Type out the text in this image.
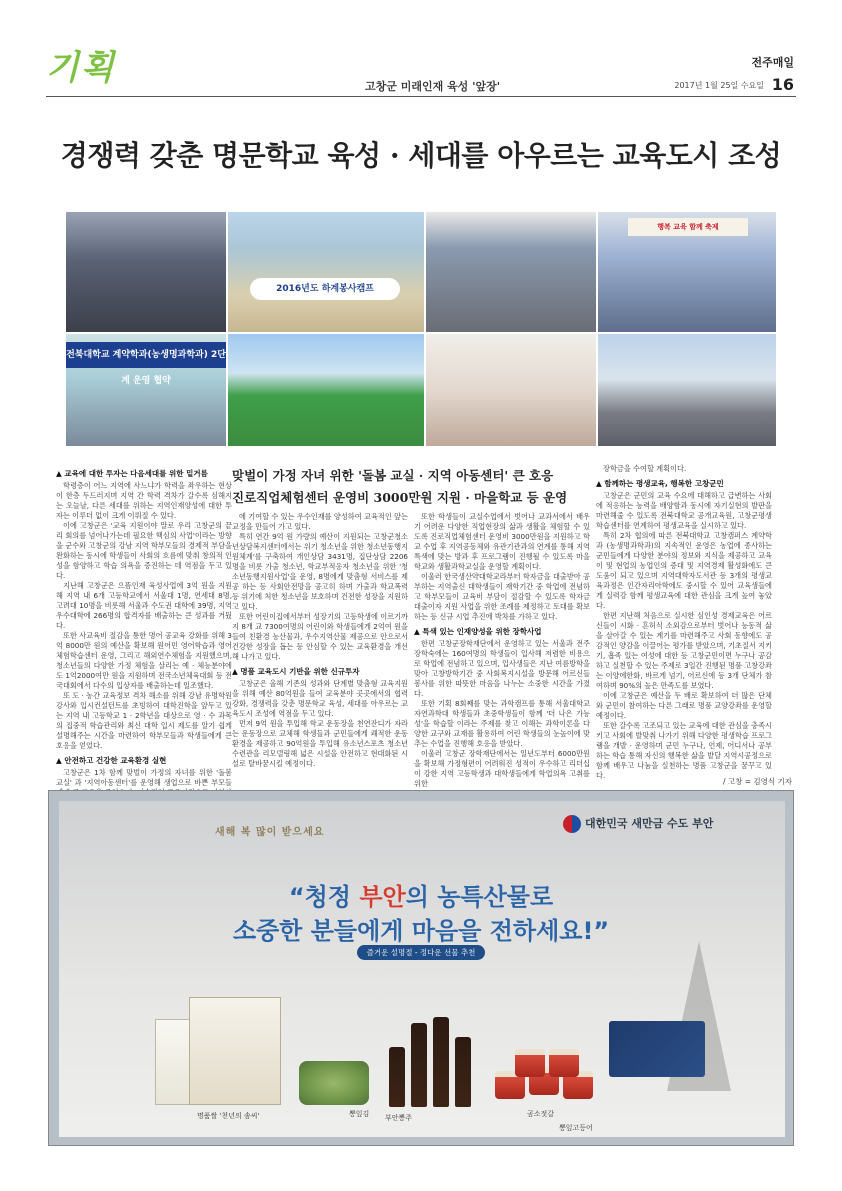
기획	고창군 미래인재 육성 '앞장'
전주매일
2017년 1월 25일 수요일 16
경쟁력 갖춘 명문학교 육성 · 세대를 아우르는 교육도시 조성
2016년도 하계봉사캠프
행복 교육 함께 축제
전북대학교 계약학과(농생명과학과) 2단계 운영 협약
맞벌이 가정 자녀 위한 '돌봄 교실 · 지역 아동센터' 큰 호응
진로직업체험센터 운영비 3000만원 지원 · 마을학교 등 운영
▲ 교육에 대한 투자는 다음세대를 위한 밑거름

학령층이 어느 지역에 사느냐가 학력을 좌우하는 현상이 한층 두드러지며 지역 간 학력 격차가 갈수록 심해지는 오늘날, 다른 세대를 위하는 지역인재양성에 대한 투자는 이루더 없이 크게 이뤄질 수 있다.

이에 고창군은 '교육 지원이야 말로 우리 고창군의 끝리 회의를 넘어나가는데 필요한 핵심의 사업'이라는 방향을 군수와 고창군의 강남 지역 학부모들의 경제적 부담을 완화하는 동시에 학생들이 사회의 흐름에 맞춰 창의적 인성을 함양하고 학습 의욕을 증진하는 데 역점을 두고 있다.

지난해 고창군은 으뜸인재 육성사업에 3억 원을 지원해 지역 내 6개 고등학교에서 서울대 1명, 연세대 8명, 고려대 10명을 비롯해 서울과 수도권 대학에 39명, 지역우수대학에 266명의 합격자를 배출하는 큰 성과를 거뒀다.

또한 사교육비 절감을 통한 명어 공교육 강화를 위해 3억 8000만 원의 예산을 확보해 원어민 영어학습과 영어체험학습센터 운영, 그리고 해외연수체험을 지원했으며, 청소년들의 다양한 가정 체험을 살리는 예 · 체능분야에도 1억2000여만 원을 지원하며 전국소년체육대회 등 전국대회에서 다수의 입상자를 배출하는데 일조했다.

또 도 · 농간 교육정보 격차 해소를 위해 강남 유명학원 강사와 입시컨설턴트를 초빙하여 대학진학을 앞두고 있는 지역 내 고등학교 1 · 2학년을 대상으로 영 · 수 과목의 집중적 학습관리와 최신 대학 입시 제도를 알기 쉽게 설명해주는 시간을 마련하여 학부모들과 학생들에게 큰 호응을 얻었다.

▲ 안전하고 건강한 교육환경 실현

고창군은 1차 함께 맞벌이 가정의 자녀를 위한 '돌봄 교실' 과 '지역아동센터'를 운영해 생업으로 바쁜 부모들

에 기여할 수 있는 우수인재를 양성하여 교육적인 앞는 교정을 만들어 가고 있다.

특히 연간 9억 원 가량의 예산이 지원되는 고창군청소년상담복지센터에서는 위기 청소년을 위한 청소년동행지원체계'를 구축하여 개인상담 3431명, 집단상담 2206명을 비롯 가출 청소년, 학교부적응자 청소년을 위한 '청소년동행지원사업'을 운영, 8명에게 맞춤형 서비스를 제공 하는 등 사회안전망을 공고히 하며 가출과 학교폭력 등 위기에 처한 청소년을 보호하며 건전한 성장을 지원하고 있다.

또한 어린이집에서부터 성장기의 고등학생에 이르기까지 8개 교 7300여명의 어린이와 학생들에게 2억여 원을 들여 친환경 농산물과, 우수지역산물 제공으로 안으로서 건강한 성장을 돕는 등 안심할 수 있는 교육환경을 개선해 나가고 있다.

▲ 명품 교육도시 기반을 위한 신규투자

고창군은 올해 기존의 성과와 단계별 맞춤형 교육지원을 위해 예산 80억원을 들여 교육분야 곳곳에서의 협력 강화, 경쟁력을 갖춘 명문학교 육성, 세대를 아우르는 교육도시 조성에 역점을 두고 있다.

먼저 9억 원을 투입해 학교 운동장을 천연잔디가 자라는 운동장으로 교체해 학생들과 군민들에게 쾌적한 운동 환경을 제공하고 90억원을 투입해 유소년스포츠 청소년수련관을 리모델링해 넓은 시설을 안전하고 현대화된 시설로 탈바꿈시킬 예정이다.

또한 학생들이 교실수업에서 벗어나 교과서에서 배우기 어려운 다양한 직업현장의 삶과 생활을 체험할 수 있도록 진로직업체험센터 운영비 3000만원을 지원하고 학교 수업 후 지역공동체와 유관기관과의 연계를 통해 지역 특색에 맞는 방과 후 프로그램이 진행될 수 있도록 마을학교와 생활과학교실을 운영할 계획이다.

이울러 한국생산약대학교라부터 학자금을 대출받아 공부하는 지역출신 대학생들이 재학기간 중 학업에 전념하고 학부모들이 교육비 부담이 절감할 수 있도록 학자금 대출이자 지원 사업을 위한 조례를 제정하고 토대를 확보하는 등 신규 시업 추진에 박차를 가하고 있다.

▲ 특색 있는 인재양성을 위한 장학사업

한편 고창군장학재단에서 운영하고 있는 서울과 전주 장학숙에는 160여명의 학생들이 입사해 저렴한 비용으로 학업에 전념하고 있으며, 입사생들은 지난 여름방학을 맞아 고창방학기간 중 사회복지시설을 방문해 어르신들 봉사를 위한 따뜻한 마음을 나누는 소중한 시간을 가졌다.

또한 기획 8회째를 맞는 과학캠프를 통해 서울대학교 자연과학대 학생들과 초중학생들이 함께 '더 나은 가능성'을 학습할 이라는 주제를 찾고 이해는 과학이론을 다양한 교구와 교재를 활용하여 어린 학생들의 눈높이에 맞추는 수업을 진행해 호응을 받았다.

이울러 고창군 장학재단에서는 일년도부터 6000만원을 확보해 가정형편이 어려워진 성적이 우수하고 리더십이 강한 지역 고등학생과 대학생들에게 학업의욕 고취를 위한

장학금을 수여할 계획이다.

▲ 함께하는 평생교육, 행복한 고창군민

고창군은 군민의 교육 수요에 대해하고 급변하는 사회에 적응하는 능력을 배양함과 동시에 자기실현의 발판을 마련해줄 수 있도록 전북대학교 공개교육원, 고창군평생학습센터를 연계하여 평생교육을 실시하고 있다.

특히 2차 협의에 따른 전북대학교 고창캠퍼스 계약학과 (농생명과학과)의 지속적인 운영은 농업에 종사하는 군민들에게 다양한 분야의 정보와 지식을 제공하고 교육이 및 현업의 농업인의 증대 및 지역경제 활성화에도 큰 도움이 되고 있으며 지역대학자도서관 등 3개의 평생교육과정은 인간자리아학에도 중시할 수 있어 교육생들에게 실력강 함께 평생교육에 대한 관심을 크게 높여 놓았다.

한편 지난해 처음으로 실시한 심인성 경제교육은 어르신들이 시화 · 흔허식 소외감으로부터 벗어나 능동적 삶을 살아갈 수 있는 계기를 마련해주고 사회 동향에도 공감적인 양감을 이끌어는 평가를 받았으며, 기초질서 지키기, 흡족 있는 여성에 대한 등 고창군민이면 누구나 공감하고 실천할 수 있는 주제로 3일간 진행된 명품 고창강좌는 이양에한화, 바르게 넘기, 어르신에 등 3개 단체가 참여하며 90%의 높은 만족도를 보였다.

이에 고창군은 예산을 두 배로 확보하여 더 많은 단체와 군민이 참여하는 다른 그래로 명품 교양강좌를 운영할 예정이다.

또한 갈수록 고조되고 있는 교육에 대한 관심을 충족시키고 사회에 발맞춰 나가기 위해 다양한 평생학습 프로그램을 개발 · 운영하며 군민 누구나, 언제, 어디서나 공부하는 학습 통해 자신의 행복한 삶을 발달 지역시공정으로 함께 배우고 나눔을 실천하는 명품 고창군을 꿈꾸고 있다.

/ 고창 = 김영식 기자
새해 복 많이 받으세요
대한민국 새만금 수도 부안
“청정 부안의 농특산물로
소중한 분들에게 마음을 전하세요!”
즐거운 설명절 - 정다운 선물 추천
명품쌀 '천년의 솜씨'	뽕잎김 부안뽕주	곰소젓갈
뽕잎고등어
